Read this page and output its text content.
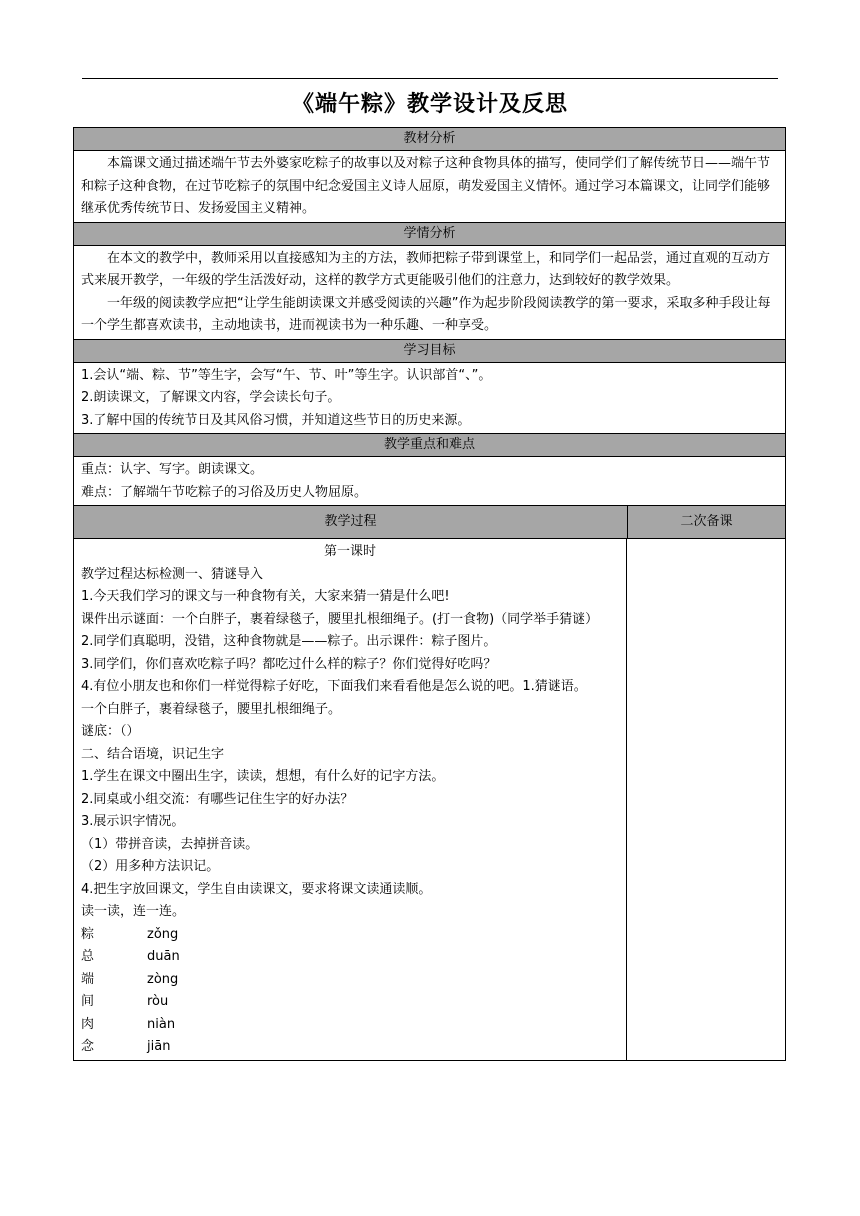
《端午粽》教学设计及反思
教材分析

本篇课文通过描述端午节去外婆家吃粽子的故事以及对粽子这种食物具体的描写，使同学们了解传统节日——端午节和粽子这种食物，在过节吃粽子的氛围中纪念爱国主义诗人屈原，萌发爱国主义情怀。通过学习本篇课文，让同学们能够继承优秀传统节日、发扬爱国主义精神。

学情分析

在本文的教学中，教师采用以直接感知为主的方法，教师把粽子带到课堂上，和同学们一起品尝，通过直观的互动方式来展开教学，一年级的学生活泼好动，这样的教学方式更能吸引他们的注意力，达到较好的教学效果。

一年级的阅读教学应把“让学生能朗读课文并感受阅读的兴趣”作为起步阶段阅读教学的第一要求，采取多种手段让每一个学生都喜欢读书，主动地读书，进而视读书为一种乐趣、一种享受。

学习目标

1.会认“端、粽、节”等生字，会写“午、节、叶”等生字。认识部首“、”。

2.朗读课文，了解课文内容，学会读长句子。

3.了解中国的传统节日及其风俗习惯，并知道这些节日的历史来源。

教学重点和难点

重点：认字、写字。朗读课文。

难点：了解端午节吃粽子的习俗及历史人物屈原。

教学过程	二次备课

第一课时

教学过程达标检测一、猜谜导入

1.今天我们学习的课文与一种食物有关，大家来猜一猜是什么吧!

课件出示谜面：一个白胖子，裹着绿毯子，腰里扎根细绳子。(打一食物)（同学举手猜谜）

2.同学们真聪明，没错，这种食物就是——粽子。出示课件：粽子图片。

3.同学们，你们喜欢吃粽子吗？都吃过什么样的粽子？你们觉得好吃吗？

4.有位小朋友也和你们一样觉得粽子好吃，下面我们来看看他是怎么说的吧。1.猜谜语。

一个白胖子，裹着绿毯子，腰里扎根细绳子。

谜底：（）

二、结合语境，识记生字

1.学生在课文中圈出生字，读读，想想，有什么好的记字方法。

2.同桌或小组交流：有哪些记住生字的好办法？

3.展示识字情况。

（1）带拼音读，去掉拼音读。

（2）用多种方法识记。

4.把生字放回课文，学生自由读课文，要求将课文读通读顺。

读一读，连一连。

粽	zǒng
总	duān
端	zòng
间	ròu
肉	niàn
念	jiān
